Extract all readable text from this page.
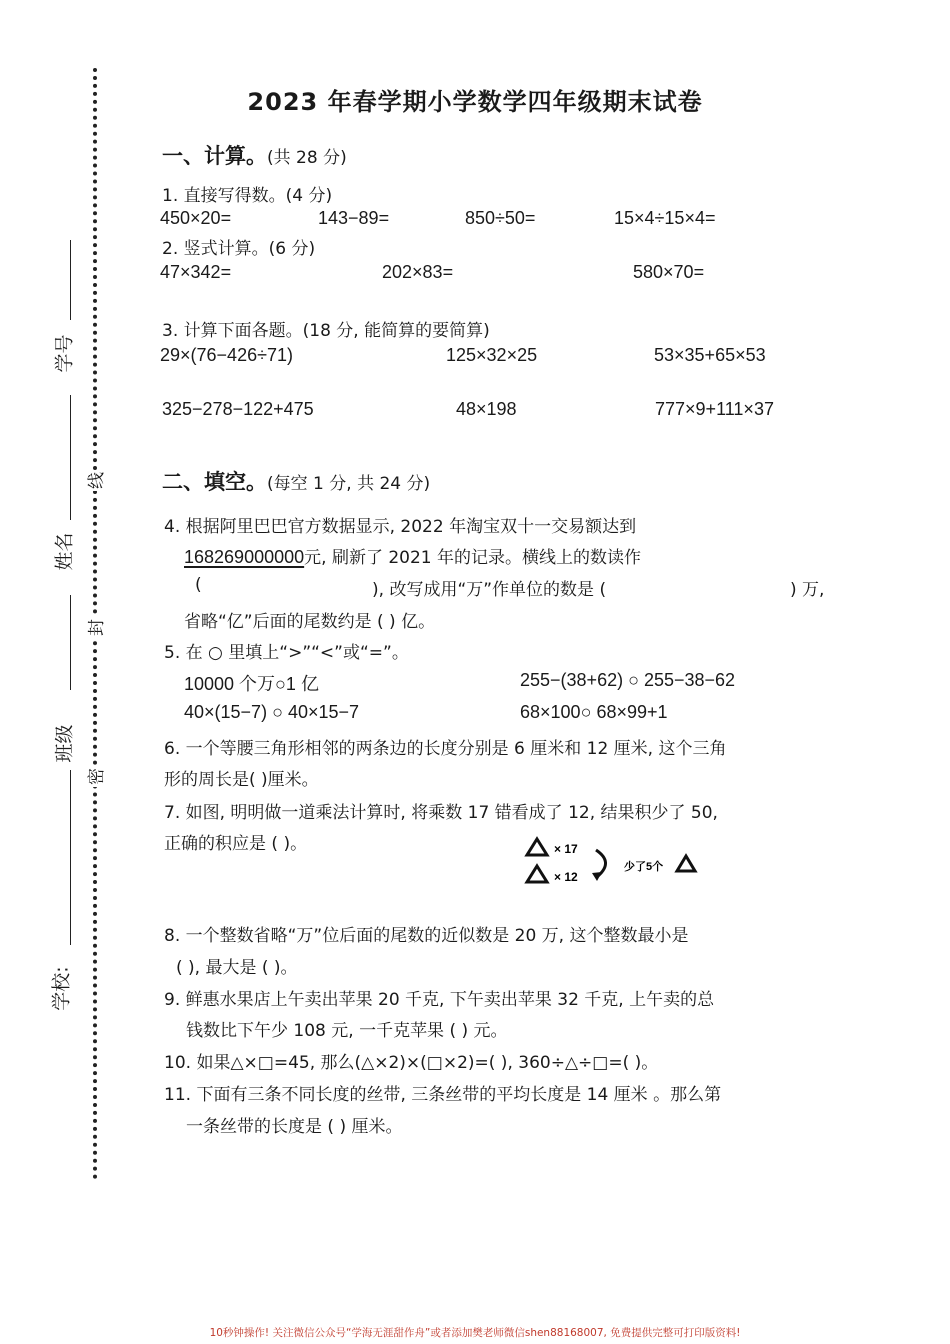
学号
姓名
班级
学校:
线
封
密
2023 年春学期小学数学四年级期末试卷
一、计算。(共 28 分)
1. 直接写得数。(4 分)
450×20=	143−89=	850÷50=	15×4÷15×4=
2. 竖式计算。(6 分)
47×342=	202×83=	580×70=
3. 计算下面各题。(18 分, 能简算的要简算)
29×(76−426÷71)	125×32×25	53×35+65×53
325−278−122+475	48×198	777×9+111×37
二、填空。(每空 1 分, 共 24 分)
4. 根据阿里巴巴官方数据显示, 2022 年淘宝双十一交易额达到
168269000000元, 刷新了 2021 年的记录。横线上的数读作
(	), 改写成用“万”作单位的数是 (	) 万,
省略“亿”后面的尾数约是 ( ) 亿。
5. 在 ○ 里填上“>”“<”或“=”。
10000 个万○1 亿	255−(38+62) ○ 255−38−62
40×(15−7) ○ 40×15−7	68×100○ 68×99+1
6. 一个等腰三角形相邻的两条边的长度分别是 6 厘米和 12 厘米, 这个三角
形的周长是( )厘米。
7. 如图, 明明做一道乘法计算时, 将乘数 17 错看成了 12, 结果积少了 50,
正确的积应是 ( )。	× 17
× 12
少了5个
8. 一个整数省略“万”位后面的尾数的近似数是 20 万, 这个整数最小是
( ), 最大是 ( )。
9. 鲜惠水果店上午卖出苹果 20 千克, 下午卖出苹果 32 千克, 上午卖的总
钱数比下午少 108 元, 一千克苹果 ( ) 元。
10. 如果△×□=45, 那么(△×2)×(□×2)=( ), 360÷△÷□=( )。
11. 下面有三条不同长度的丝带, 三条丝带的平均长度是 14 厘米 。那么第
一条丝带的长度是 ( ) 厘米。
10秒钟操作! 关注微信公众号“学海无涯甜作舟”或者添加樊老师微信shen88168007, 免费提供完整可打印版资料!
